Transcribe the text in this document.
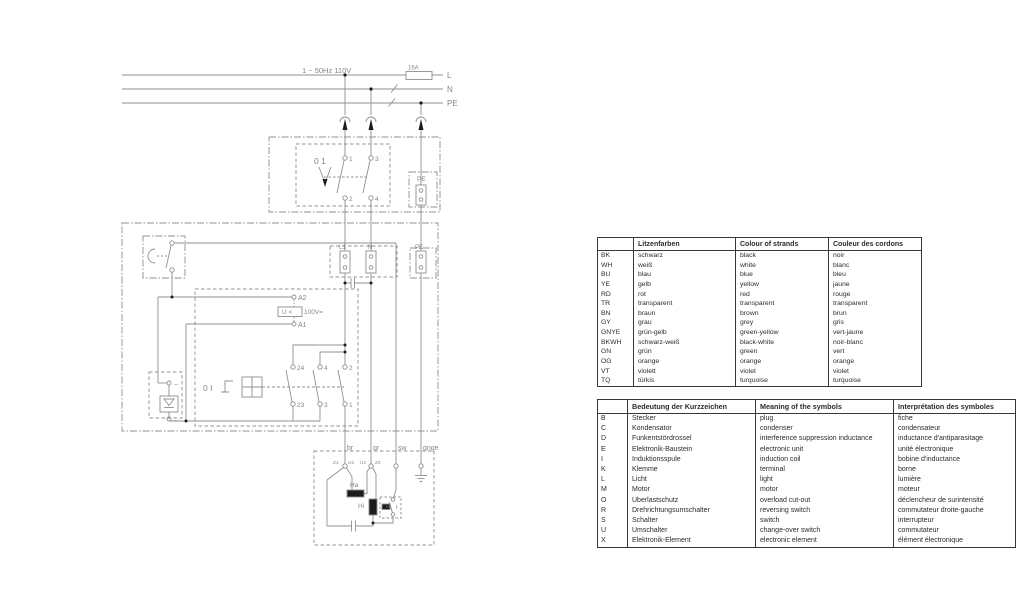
1 ~ 50Hz 110V	16A
L
N
PE
0 1	1	3
2	4
PE
L1	N	PE
A2
A1
U < 100V=
0 I
24	4	2
23	3	1
~
~
br	gr	sw gnge
Z1 U2 U1 Z2
Ha
Hi	t
	Litzenfarben	Colour of strands	Couleur des cordons
BK	schwarz	black	noir
WH	weiß	white	blanc
BU	blau	blue	bleu
YE	gelb	yellow	jaune
RD	rot	red	rouge
TR	transparent	transparent	transparent
BN	braun	brown	brun
GY	grau	grey	gris
GNYE	grün-gelb	green-yellow	vert-jaune
BKWH	schwarz-weiß	black-white	noir-blanc
GN	grün	green	vert
OG	orange	orange	orange
VT	violett	violet	violet
TQ	türkis	turquoise	turquoise
	Bedeutung der Kurzzeichen	Meaning of the symbols	Interprétation des symboles
B	Stecker	plug	fiche
C	Kondensator	condenser	condensateur
D	Funkentstördrossel	interference suppression inductance	inductance d'antiparasitage
E	Elektronik-Baustein	electronic unit	unité électronique
I	Induktionsspule	induction coil	bobine d'inductance
K	Klemme	terminal	borne
L	Licht	light	lumière
M	Motor	motor	moteur
O	Überlastschutz	overload cut-out	déclencheur de surintensité
R	Drehrichtungsumschalter	reversing switch	commutateur droite-gauche
S	Schalter	switch	interrupteur
U	Umschalter	change-over switch	commutateur
X	Elektronik-Element	electronic element	élément électronique
